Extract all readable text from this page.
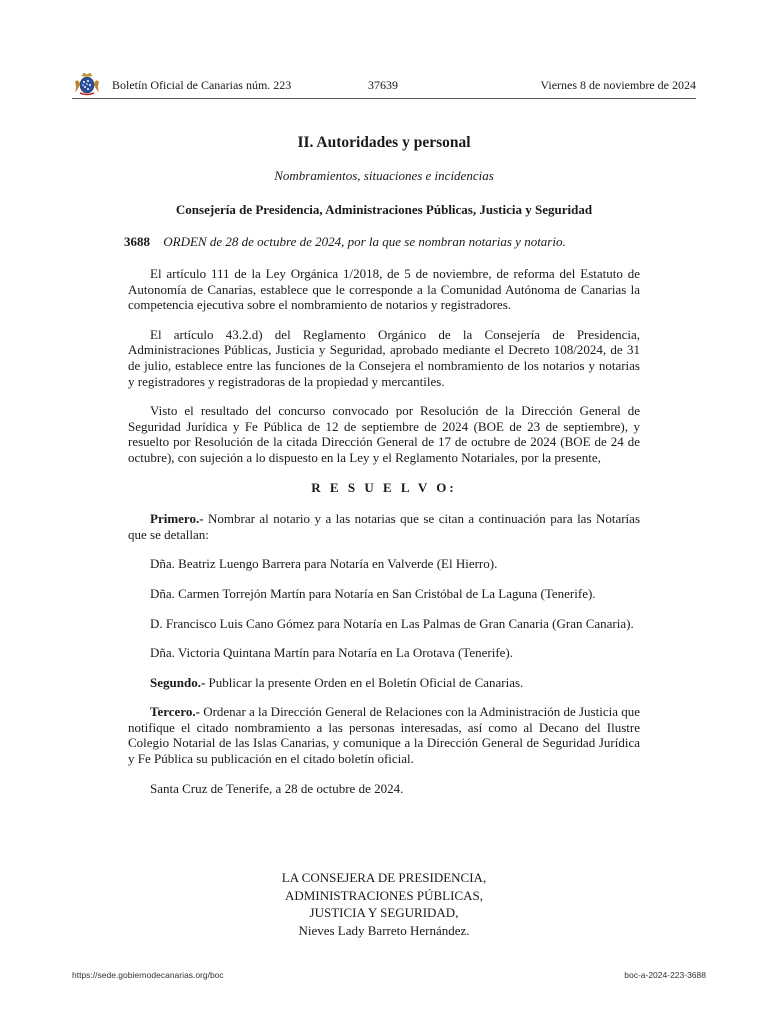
Boletín Oficial de Canarias núm. 223	37639	Viernes 8 de noviembre de 2024
II. Autoridades y personal
Nombramientos, situaciones e incidencias
Consejería de Presidencia, Administraciones Públicas, Justicia y Seguridad
3688 ORDEN de 28 de octubre de 2024, por la que se nombran notarias y notario.

El artículo 111 de la Ley Orgánica 1/2018, de 5 de noviembre, de reforma del Estatuto de Autonomía de Canarias, establece que le corresponde a la Comunidad Autónoma de Canarias la competencia ejecutiva sobre el nombramiento de notarios y registradores.

El artículo 43.2.d) del Reglamento Orgánico de la Consejería de Presidencia, Administraciones Públicas, Justicia y Seguridad, aprobado mediante el Decreto 108/2024, de 31 de julio, establece entre las funciones de la Consejera el nombramiento de los notarios y notarias y registradores y registradoras de la propiedad y mercantiles.

Visto el resultado del concurso convocado por Resolución de la Dirección General de Seguridad Jurídica y Fe Pública de 12 de septiembre de 2024 (BOE de 23 de septiembre), y resuelto por Resolución de la citada Dirección General de 17 de octubre de 2024 (BOE de 24 de octubre), con sujeción a lo dispuesto en la Ley y el Reglamento Notariales, por la presente,

R E S U E L V O:

Primero.- Nombrar al notario y a las notarias que se citan a continuación para las Notarías que se detallan:

Dña. Beatriz Luengo Barrera para Notaría en Valverde (El Hierro).

Dña. Carmen Torrejón Martín para Notaría en San Cristóbal de La Laguna (Tenerife).

D. Francisco Luis Cano Gómez para Notaría en Las Palmas de Gran Canaria (Gran Canaria).

Dña. Victoria Quintana Martín para Notaría en La Orotava (Tenerife).

Segundo.- Publicar la presente Orden en el Boletín Oficial de Canarias.

Tercero.- Ordenar a la Dirección General de Relaciones con la Administración de Justicia que notifique el citado nombramiento a las personas interesadas, así como al Decano del Ilustre Colegio Notarial de las Islas Canarias, y comunique a la Dirección General de Seguridad Jurídica y Fe Pública su publicación en el citado boletín oficial.

Santa Cruz de Tenerife, a 28 de octubre de 2024.

LA CONSEJERA DE PRESIDENCIA,
ADMINISTRACIONES PÚBLICAS,
JUSTICIA Y SEGURIDAD,
Nieves Lady Barreto Hernández.
https://sede.gobiernodecanarias.org/boc	boc-a-2024-223-3688
